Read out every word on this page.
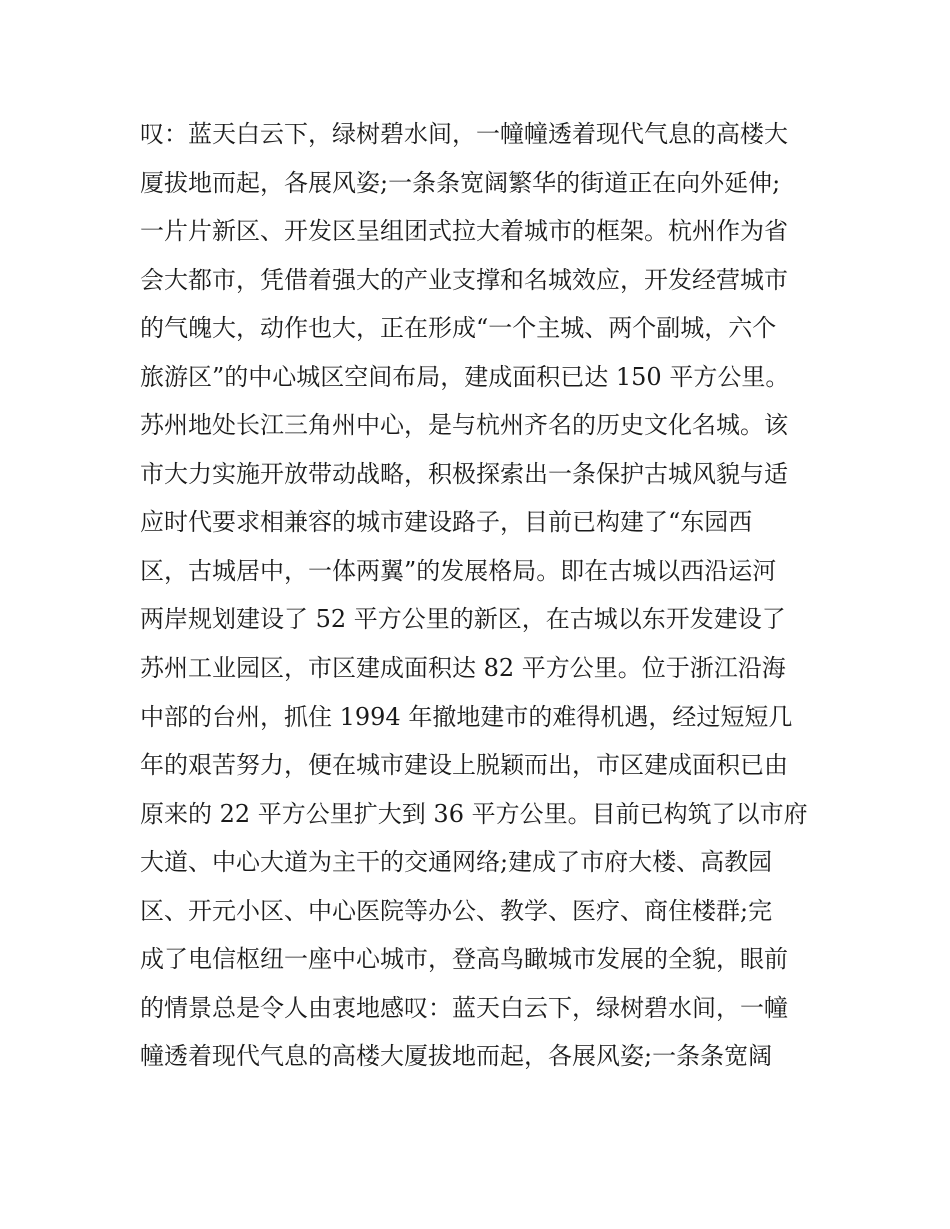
叹：蓝天白云下，绿树碧水间，一幢幢透着现代气息的高楼大
厦拔地而起，各展风姿;一条条宽阔繁华的街道正在向外延伸;
一片片新区、开发区呈组团式拉大着城市的框架。杭州作为省
会大都市，凭借着强大的产业支撑和名城效应，开发经营城市
的气魄大，动作也大，正在形成“一个主城、两个副城，六个
旅游区”的中心城区空间布局，建成面积已达 150 平方公里。
苏州地处长江三角州中心，是与杭州齐名的历史文化名城。该
市大力实施开放带动战略，积极探索出一条保护古城风貌与适
应时代要求相兼容的城市建设路子，目前已构建了“东园西
区，古城居中，一体两翼”的发展格局。即在古城以西沿运河
两岸规划建设了 52 平方公里的新区，在古城以东开发建设了
苏州工业园区，市区建成面积达 82 平方公里。位于浙江沿海
中部的台州，抓住 1994 年撤地建市的难得机遇，经过短短几
年的艰苦努力，便在城市建设上脱颖而出，市区建成面积已由
原来的 22 平方公里扩大到 36 平方公里。目前已构筑了以市府
大道、中心大道为主干的交通网络;建成了市府大楼、高教园
区、开元小区、中心医院等办公、教学、医疗、商住楼群;完
成了电信枢纽一座中心城市，登高鸟瞰城市发展的全貌，眼前
的情景总是令人由衷地感叹：蓝天白云下，绿树碧水间，一幢
幢透着现代气息的高楼大厦拔地而起，各展风姿;一条条宽阔
